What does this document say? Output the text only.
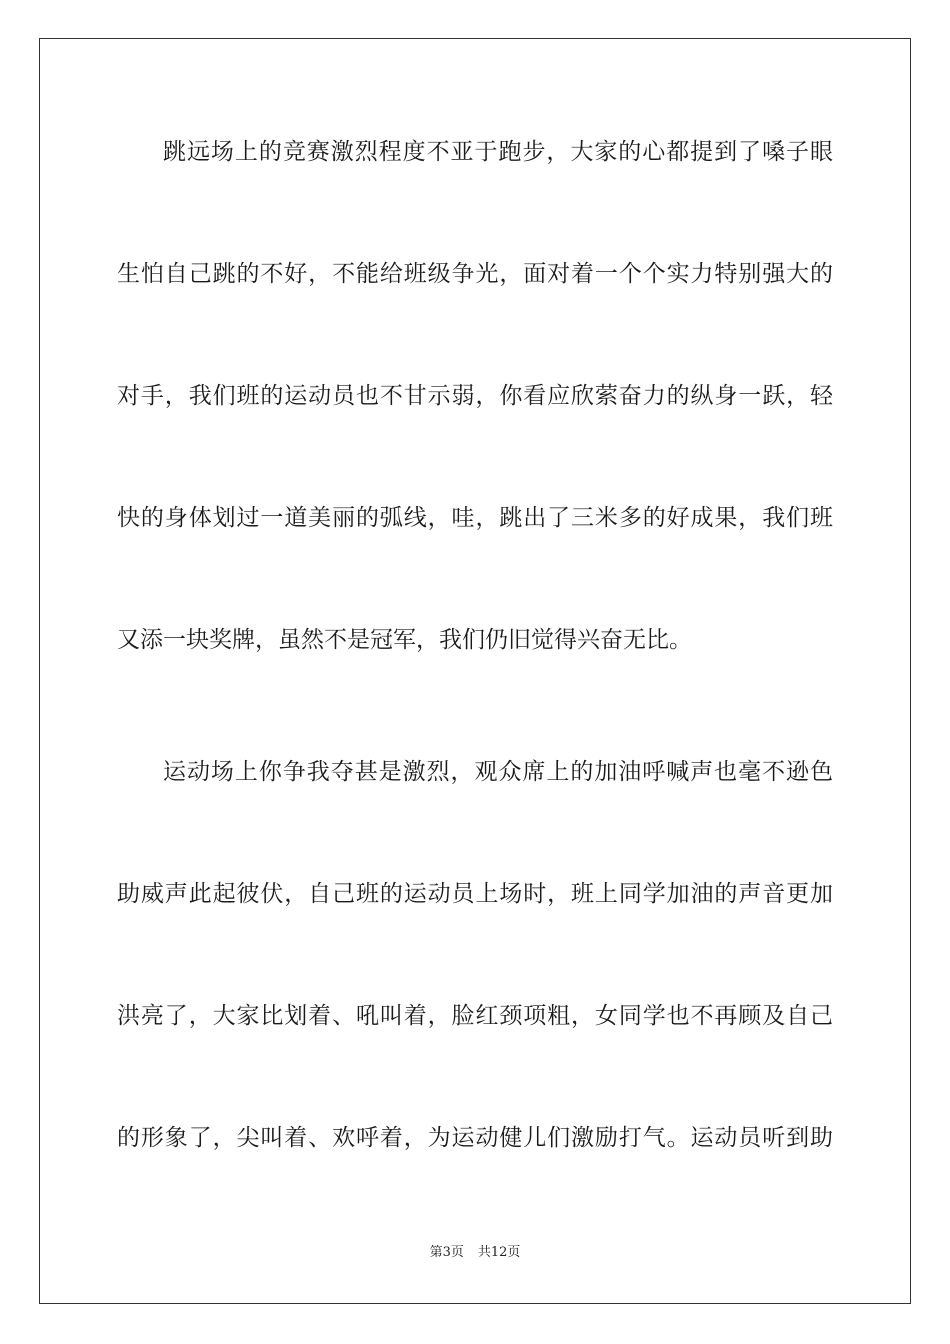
跳远场上的竞赛激烈程度不亚于跑步，大家的心都提到了嗓子眼
生怕自己跳的不好，不能给班级争光，面对着一个个实力特别强大的
对手，我们班的运动员也不甘示弱，你看应欣萦奋力的纵身一跃，轻
快的身体划过一道美丽的弧线，哇，跳出了三米多的好成果，我们班
又添一块奖牌，虽然不是冠军，我们仍旧觉得兴奋无比。
运动场上你争我夺甚是激烈，观众席上的加油呼喊声也毫不逊色
助威声此起彼伏，自己班的运动员上场时，班上同学加油的声音更加
洪亮了，大家比划着、吼叫着，脸红颈项粗，女同学也不再顾及自己
的形象了，尖叫着、欢呼着，为运动健儿们激励打气。运动员听到助
第3页 共12页
